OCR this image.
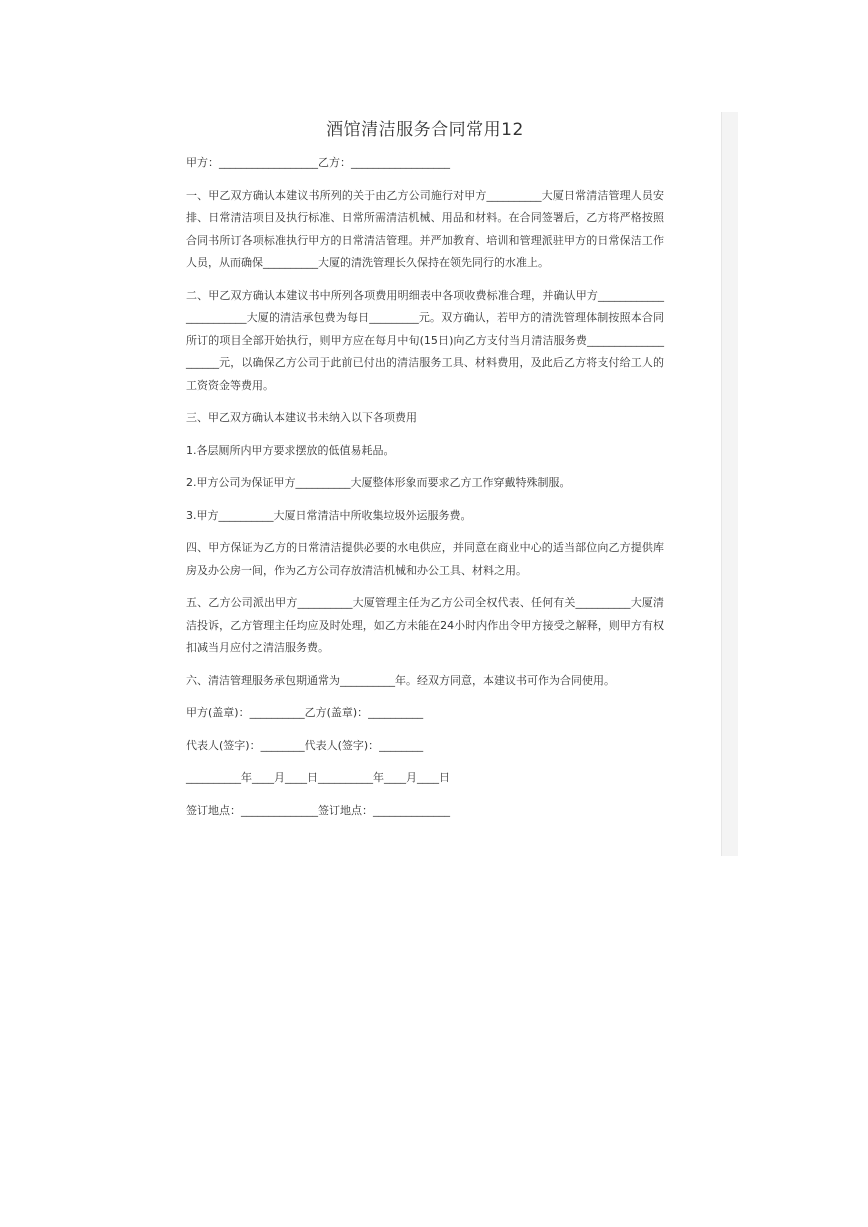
酒馆清洁服务合同常用12

甲方：__________________乙方：__________________

一、甲乙双方确认本建议书所列的关于由乙方公司施行对甲方__________大厦日常清洁管理人员安排、日常清洁项目及执行标准、日常所需清洁机械、用品和材料。在合同签署后，乙方将严格按照合同书所订各项标准执行甲方的日常清洁管理。并严加教育、培训和管理派驻甲方的日常保洁工作人员，从而确保__________大厦的清洗管理长久保持在领先同行的水准上。

二、甲乙双方确认本建议书中所列各项费用明细表中各项收费标准合理，并确认甲方_______________________大厦的清洁承包费为每日_________元。双方确认，若甲方的清洗管理体制按照本合同所订的项目全部开始执行，则甲方应在每月中旬(15日)向乙方支付当月清洁服务费____________________元，以确保乙方公司于此前已付出的清洁服务工具、材料费用，及此后乙方将支付给工人的工资资金等费用。

三、甲乙双方确认本建议书未纳入以下各项费用

1.各层厕所内甲方要求摆放的低值易耗品。

2.甲方公司为保证甲方__________大厦整体形象而要求乙方工作穿戴特殊制服。

3.甲方__________大厦日常清洁中所收集垃圾外运服务费。

四、甲方保证为乙方的日常清洁提供必要的水电供应，并同意在商业中心的适当部位向乙方提供库房及办公房一间，作为乙方公司存放清洁机械和办公工具、材料之用。

五、乙方公司派出甲方__________大厦管理主任为乙方公司全权代表、任何有关__________大厦清洁投诉，乙方管理主任均应及时处理，如乙方未能在24小时内作出令甲方接受之解释，则甲方有权扣减当月应付之清洁服务费。

六、清洁管理服务承包期通常为__________年。经双方同意，本建议书可作为合同使用。

甲方(盖章)：__________乙方(盖章)：__________

代表人(签字)：________代表人(签字)：________

__________年____月____日__________年____月____日

签订地点：______________签订地点：______________
